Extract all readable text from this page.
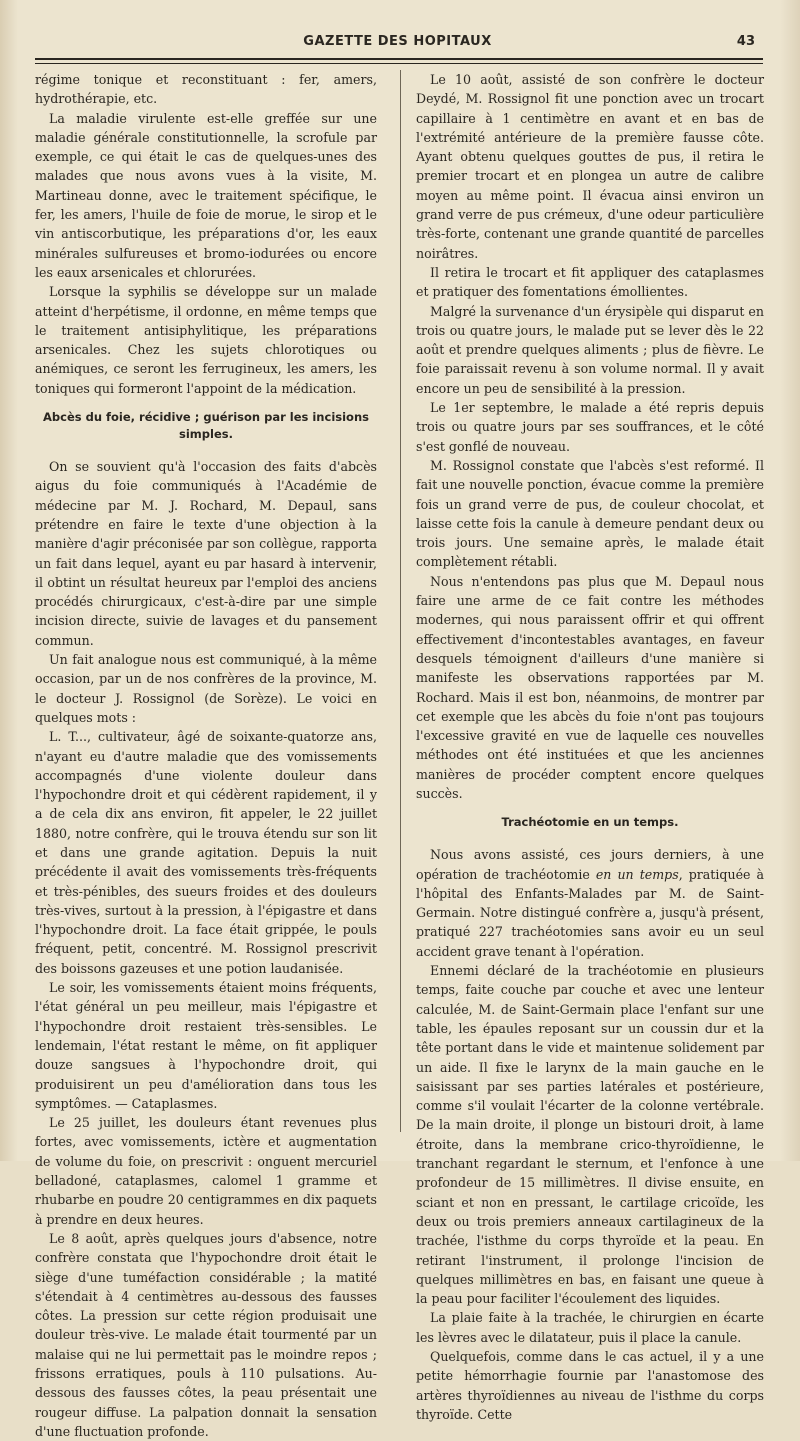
GAZETTE DES HOPITAUX	43

régime tonique et reconstituant : fer, amers, hydrothérapie, etc.

La maladie virulente est-elle greffée sur une maladie générale constitutionnelle, la scrofule par exemple, ce qui était le cas de quelques-unes des malades que nous avons vues à la visite, M. Martineau donne, avec le traitement spécifique, le fer, les amers, l'huile de foie de morue, le sirop et le vin antiscorbutique, les préparations d'or, les eaux minérales sulfureuses et bromo-iodurées ou encore les eaux arsenicales et chlorurées.

Lorsque la syphilis se développe sur un malade atteint d'herpétisme, il ordonne, en même temps que le traitement antisiphylitique, les préparations arsenicales. Chez les sujets chlorotiques ou anémiques, ce seront les ferrugineux, les amers, les toniques qui formeront l'appoint de la médication.

Abcès du foie, récidive ; guérison par les incisions simples.

On se souvient qu'à l'occasion des faits d'abcès aigus du foie communiqués à l'Académie de médecine par M. J. Rochard, M. Depaul, sans prétendre en faire le texte d'une objection à la manière d'agir préconisée par son collègue, rapporta un fait dans lequel, ayant eu par hasard à intervenir, il obtint un résultat heureux par l'emploi des anciens procédés chirurgicaux, c'est-à-dire par une simple incision directe, suivie de lavages et du pansement commun.

Un fait analogue nous est communiqué, à la même occasion, par un de nos confrères de la province, M. le docteur J. Rossignol (de Sorèze). Le voici en quelques mots :

L. T..., cultivateur, âgé de soixante-quatorze ans, n'ayant eu d'autre maladie que des vomissements accompagnés d'une violente douleur dans l'hypochondre droit et qui cédèrent rapidement, il y a de cela dix ans environ, fit appeler, le 22 juillet 1880, notre confrère, qui le trouva étendu sur son lit et dans une grande agitation. Depuis la nuit précédente il avait des vomissements très-fréquents et très-pénibles, des sueurs froides et des douleurs très-vives, surtout à la pression, à l'épigastre et dans l'hypochondre droit. La face était grippée, le pouls fréquent, petit, concentré. M. Rossignol prescrivit des boissons gazeuses et une potion laudanisée.

Le soir, les vomissements étaient moins fréquents, l'état général un peu meilleur, mais l'épigastre et l'hypochondre droit restaient très-sensibles. Le lendemain, l'état restant le même, on fit appliquer douze sangsues à l'hypochondre droit, qui produisirent un peu d'amélioration dans tous les symptômes. — Cataplasmes.

Le 25 juillet, les douleurs étant revenues plus fortes, avec vomissements, ictère et augmentation de volume du foie, on prescrivit : onguent mercuriel belladoné, cataplasmes, calomel 1 gramme et rhubarbe en poudre 20 centigrammes en dix paquets à prendre en deux heures.

Le 8 août, après quelques jours d'absence, notre confrère constata que l'hypochondre droit était le siège d'une tuméfaction considérable ; la matité s'étendait à 4 centimètres au-dessous des fausses côtes. La pression sur cette région produisait une douleur très-vive. Le malade était tourmenté par un malaise qui ne lui permettait pas le moindre repos ; frissons erratiques, pouls à 110 pulsations. Au-dessous des fausses côtes, la peau présentait une rougeur diffuse. La palpation donnait la sensation d'une fluctuation profonde.

Le 10 août, assisté de son confrère le docteur Deydé, M. Rossignol fit une ponction avec un trocart capillaire à 1 centimètre en avant et en bas de l'extrémité antérieure de la première fausse côte. Ayant obtenu quelques gouttes de pus, il retira le premier trocart et en plongea un autre de calibre moyen au même point. Il évacua ainsi environ un grand verre de pus crémeux, d'une odeur particulière très-forte, contenant une grande quantité de parcelles noirâtres.

Il retira le trocart et fit appliquer des cataplasmes et pratiquer des fomentations émollientes.

Malgré la survenance d'un érysipèle qui disparut en trois ou quatre jours, le malade put se lever dès le 22 août et prendre quelques aliments ; plus de fièvre. Le foie paraissait revenu à son volume normal. Il y avait encore un peu de sensibilité à la pression.

Le 1er septembre, le malade a été repris depuis trois ou quatre jours par ses souffrances, et le côté s'est gonflé de nouveau.

M. Rossignol constate que l'abcès s'est reformé. Il fait une nouvelle ponction, évacue comme la première fois un grand verre de pus, de couleur chocolat, et laisse cette fois la canule à demeure pendant deux ou trois jours. Une semaine après, le malade était complètement rétabli.

Nous n'entendons pas plus que M. Depaul nous faire une arme de ce fait contre les méthodes modernes, qui nous paraissent offrir et qui offrent effectivement d'incontestables avantages, en faveur desquels témoignent d'ailleurs d'une manière si manifeste les observations rapportées par M. Rochard. Mais il est bon, néanmoins, de montrer par cet exemple que les abcès du foie n'ont pas toujours l'excessive gravité en vue de laquelle ces nouvelles méthodes ont été instituées et que les anciennes manières de procéder comptent encore quelques succès.

Trachéotomie en un temps.

Nous avons assisté, ces jours derniers, à une opération de trachéotomie en un temps, pratiquée à l'hôpital des Enfants-Malades par M. de Saint-Germain. Notre distingué confrère a, jusqu'à présent, pratiqué 227 trachéotomies sans avoir eu un seul accident grave tenant à l'opération.

Ennemi déclaré de la trachéotomie en plusieurs temps, faite couche par couche et avec une lenteur calculée, M. de Saint-Germain place l'enfant sur une table, les épaules reposant sur un coussin dur et la tête portant dans le vide et maintenue solidement par un aide. Il fixe le larynx de la main gauche en le saisissant par ses parties latérales et postérieure, comme s'il voulait l'écarter de la colonne vertébrale. De la main droite, il plonge un bistouri droit, à lame étroite, dans la membrane crico-thyroïdienne, le tranchant regardant le sternum, et l'enfonce à une profondeur de 15 millimètres. Il divise ensuite, en sciant et non en pressant, le cartilage cricoïde, les deux ou trois premiers anneaux cartilagineux de la trachée, l'isthme du corps thyroïde et la peau. En retirant l'instrument, il prolonge l'incision de quelques millimètres en bas, en faisant une queue à la peau pour faciliter l'écoulement des liquides.

La plaie faite à la trachée, le chirurgien en écarte les lèvres avec le dilatateur, puis il place la canule.

Quelquefois, comme dans le cas actuel, il y a une petite hémorrhagie fournie par l'anastomose des artères thyroïdiennes au niveau de l'isthme du corps thyroïde. Cette
